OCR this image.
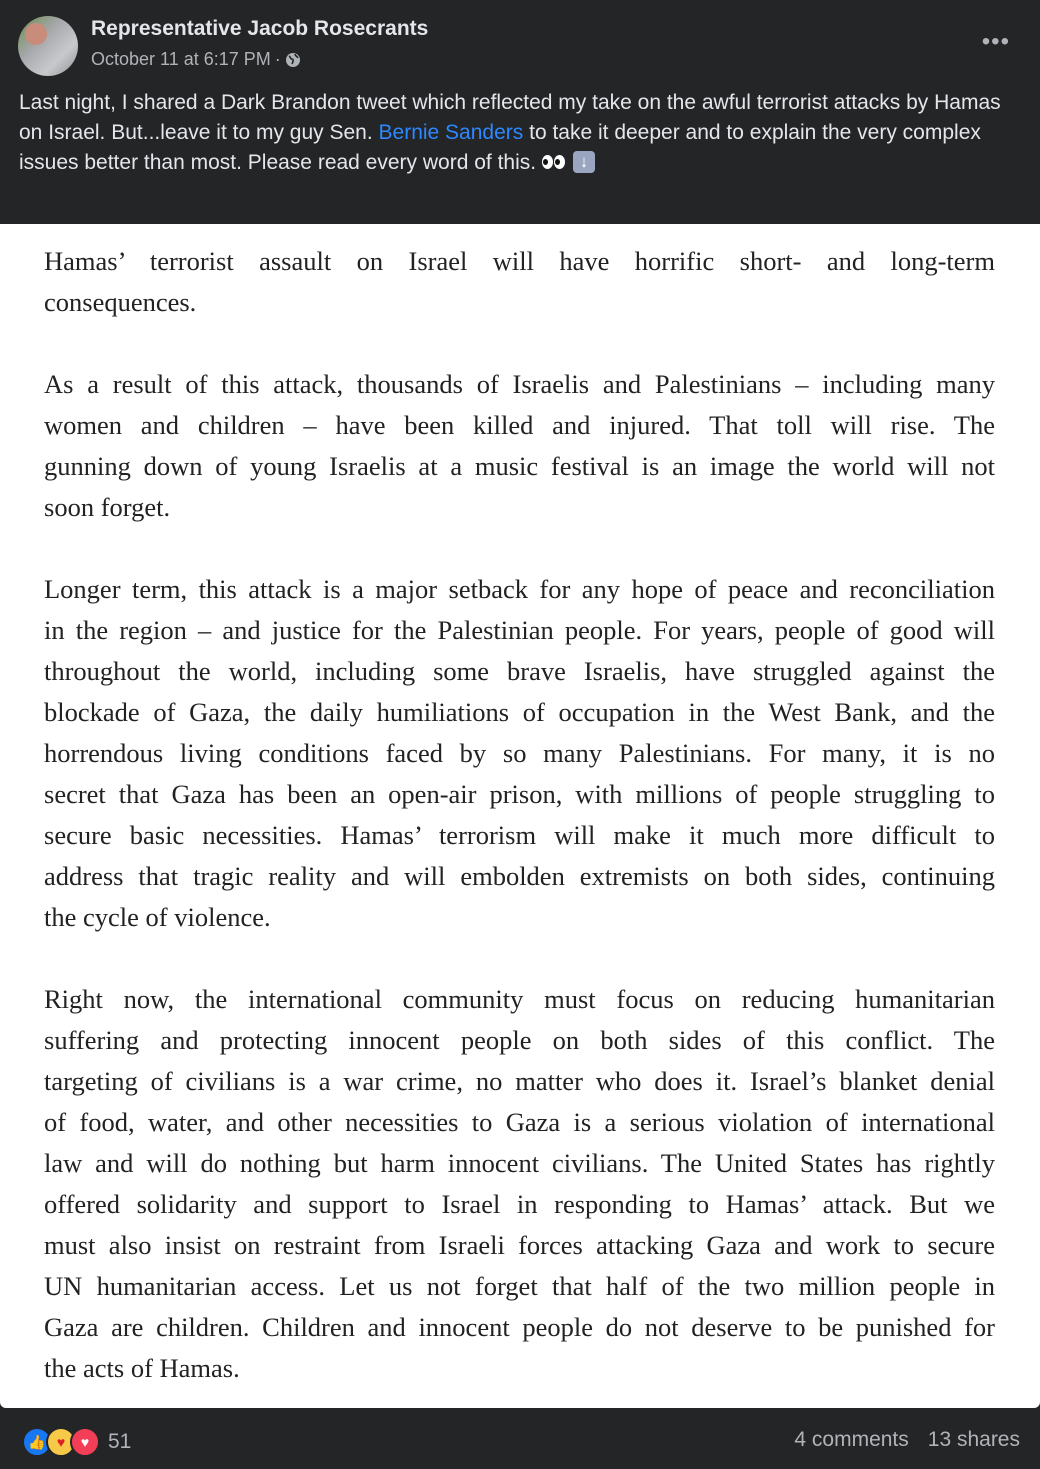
Representative Jacob Rosecrants
October 11 at 6:17 PM ·
•••
Last night, I shared a Dark Brandon tweet which reflected my take on the awful terrorist attacks by Hamas on Israel. But...leave it to my guy Sen. Bernie Sanders to take it deeper and to explain the very complex issues better than most. Please read every word of this.	↓
Hamas’ terrorist assault on Israel will have horrific short- and long-term
consequences.
As a result of this attack, thousands of Israelis and Palestinians – including many
women and children – have been killed and injured. That toll will rise. The
gunning down of young Israelis at a music festival is an image the world will not
soon forget.
Longer term, this attack is a major setback for any hope of peace and reconciliation
in the region – and justice for the Palestinian people. For years, people of good will
throughout the world, including some brave Israelis, have struggled against the
blockade of Gaza, the daily humiliations of occupation in the West Bank, and the
horrendous living conditions faced by so many Palestinians. For many, it is no
secret that Gaza has been an open-air prison, with millions of people struggling to
secure basic necessities. Hamas’ terrorism will make it much more difficult to
address that tragic reality and will embolden extremists on both sides, continuing
the cycle of violence.
Right now, the international community must focus on reducing humanitarian
suffering and protecting innocent people on both sides of this conflict. The
targeting of civilians is a war crime, no matter who does it. Israel’s blanket denial
of food, water, and other necessities to Gaza is a serious violation of international
law and will do nothing but harm innocent civilians. The United States has rightly
offered solidarity and support to Israel in responding to Hamas’ attack. But we
must also insist on restraint from Israeli forces attacking Gaza and work to secure
UN humanitarian access. Let us not forget that half of the two million people in
Gaza are children. Children and innocent people do not deserve to be punished for
the acts of Hamas.
👍 ♥	♥ 51	4 comments 13 shares
